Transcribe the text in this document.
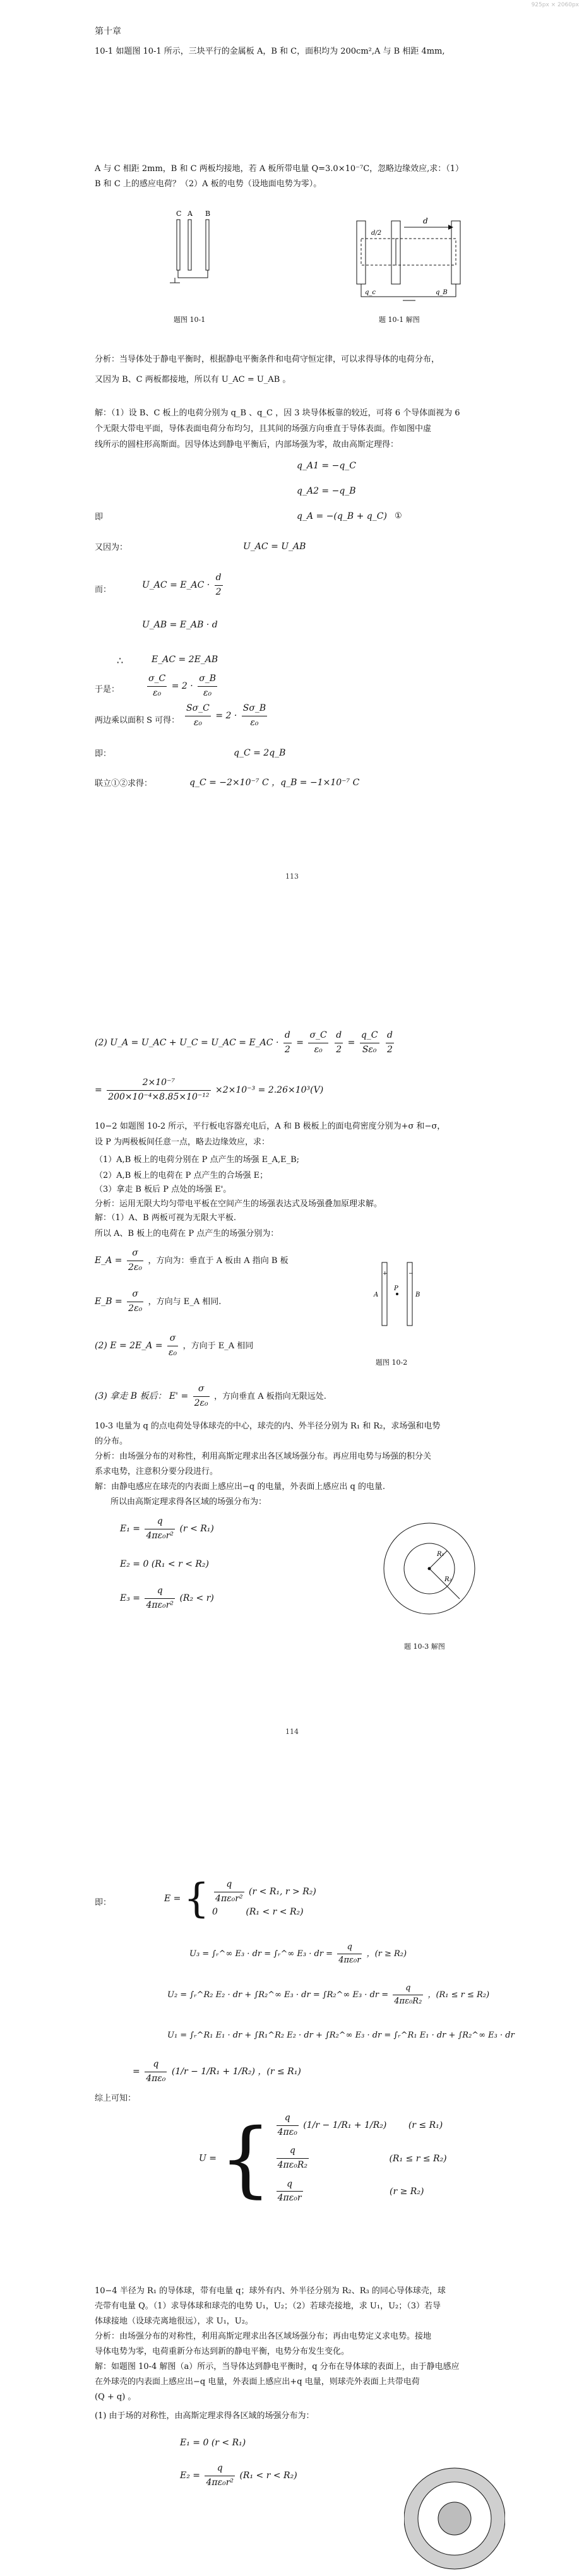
925px × 2060px
第十章
10-1 如题图 10-1 所示，三块平行的金属板 A，B 和 C，面积均为 200cm²,A 与 B 相距 4mm,
A 与 C 相距 2mm，B 和 C 两板均接地，若 A 板所带电量 Q=3.0×10⁻⁷C，忽略边缘效应,求：（1）
B 和 C 上的感应电荷？（2）A 板的电势（设地面电势为零）。
C A B
题图 10-1
d
q_c	q_B
d/2
题 10-1 解图
分析：当导体处于静电平衡时，根据静电平衡条件和电荷守恒定律，可以求得导体的电荷分布，
又因为 B、C 两板都接地，所以有 U_AC = U_AB 。
解：（1）设 B、C 板上的电荷分别为 q_B 、q_C ，因 3 块导体板靠的较近，可将 6 个导体面视为 6
个无限大带电平面，导体表面电荷分布均匀，且其间的场强方向垂直于导体表面。作如图中虚
线所示的圆柱形高斯面。因导体达到静电平衡后，内部场强为零，故由高斯定理得：
q_A1 = −q_C
q_A2 = −q_B
即	q_A = −(q_B + q_C) ①
又因为：	U_AC = U_AB
而：	U_AC = E_AC · $\frac{d}{2}$
U_AB = E_AB · d
∴	E_AC = 2E_AB
于是：	$\frac{\sigma\_C}{\text{ε₀}} = 2 \cdot \frac{\sigma\_B}{\text{ε₀}}$
两边乘以面积 S 可得： $\frac{S\sigma\_C}{\text{ε₀}} = 2 \cdot \frac{S\sigma\_B}{\text{ε₀}}$
即：	q_C = 2q_B
联立①②求得：	q_C = −2×10⁻⁷ C ，q_B = −1×10⁻⁷ C
113
(2) U_A = U_AC + U_C = U_AC = E_AC · $\frac{d}{2} = \frac{\sigma\_C}{\text{ε₀}}$
$\frac{d}{2} = \frac{q\_C}{\text{Sε₀}}$
$\frac{d}{2}$
= $\frac{\text{2×10⁻⁷}}{\text{200×10⁻⁴×8.85×10⁻¹²}} \times 2\times 10^{-3} = 2.26\times 10^3(V)$
10−2 如题图 10-2 所示，平行板电容器充电后，A 和 B 极板上的面电荷密度分别为+σ 和−σ，
设 P 为两极板间任意一点，略去边缘效应，求：
（1）A,B 板上的电荷分别在 P 点产生的场强 E_A,E_B;
（2）A,B 板上的电荷在 P 点产生的合场强 E；
（3）拿走 B 板后 P 点处的场强 E'。
分析：运用无限大均匀带电平板在空间产生的场强表达式及场强叠加原理求解。
解：（1）A、B 两板可视为无限大平板.
所以 A、B 板上的电荷在 P 点产生的场强分别为：
E_A = $\frac{\sigma}{\text{2ε₀}}$ ，方向为：垂直于 A 板由 A 指向 B 板
E_B = $\frac{\sigma}{\text{2ε₀}}$ ，方向与 E_A 相同.
(2) E = 2E_A = $\frac{\sigma}{\text{ε₀}}$ ，方向于 E_A 相同
(3) 拿走 B 板后： $E' = \frac{\sigma}{\text{2ε₀}}$ ，方向垂直 A 板指向无限远处.
+	−
A	B
P
题图 10-2
10-3 电量为 q 的点电荷处导体球壳的中心，球壳的内、外半径分别为 R₁ 和 R₂，求场强和电势
的分布。
分析：由场强分布的对称性，利用高斯定理求出各区域场强分布。再应用电势与场强的积分关
系求电势，注意积分要分段进行。
解：由静电感应在球壳的内表面上感应出−q 的电量，外表面上感应出 q 的电量.
所以由高斯定理求得各区域的场强分布为：
$E_1 = \frac{q}{\text{4πε₀r²}} (r < R_1)$
E₂ = 0 (R₁ < r < R₂)
$E_3 = \frac{q}{\text{4πε₀r²}} (R_2 < r)$
R₁
R₂
题 10-3 解图
114
即：	E = { $\frac{q}{\text{4πε₀r²}} (r < R_1$, r > R₂)
0	(R₁ < r < R₂)
U₃ = ∫ᵣ^∞ E₃ · dr = ∫ᵣ^∞ E₃ · dr = $\frac{q}{\text{4πε₀r}}$ ，(r ≥ R₂)
U₂ = ∫ᵣ^R₂ E₂ · dr + ∫R₂^∞ E₃ · dr = ∫R₂^∞ E₃ · dr = $\frac{q}{\text{4πε₀R₂}}$ ，(R₁ ≤ r ≤ R₂)
U₁ = ∫ᵣ^R₁ E₁ · dr + ∫R₁^R₂ E₂ · dr + ∫R₂^∞ E₃ · dr = ∫ᵣ^R₁ E₁ · dr + ∫R₂^∞ E₃ · dr
= $\frac{q}{\text{4πε₀}} (1/r - 1/R_1 + 1/R_2)$ ，(r ≤ R₁)
综上可知：
U = { $\frac{q}{\text{4πε₀}} (1/r - 1/R_1 + 1/R_2) (r \le R_1)$
$\frac{q}{\text{4πε₀R₂}}$	(R₁ ≤ r ≤ R₂)
$\frac{q}{\text{4πε₀r}}$	(r ≥ R₂)
10−4 半径为 R₁ 的导体球，带有电量 q；球外有内、外半径分别为 R₂、R₃ 的同心导体球壳，球
壳带有电量 Q。（1）求导体球和球壳的电势 U₁，U₂；（2）若球壳接地，求 U₁，U₂；（3）若导
体球接地（设球壳离地很远），求 U₁，U₂。
分析：由场强分布的对称性，利用高斯定理求出各区域场强分布；再由电势定义求电势。接地
导体电势为零，电荷重新分布达到新的静电平衡，电势分布发生变化。
解：如题图 10-4 解图（a）所示，当导体达到静电平衡时，q 分布在导体球的表面上，由于静电感应
在外球壳的内表面上感应出−q 电量，外表面上感应出+q 电量，则球壳外表面上共带电荷
(Q + q) 。
(1) 由于场的对称性，由高斯定理求得各区域的场强分布为：
E₁ = 0 (r < R₁)
$E_2 = \frac{q}{\text{4πε₀r²}} (R_1 < r < R_2)$
